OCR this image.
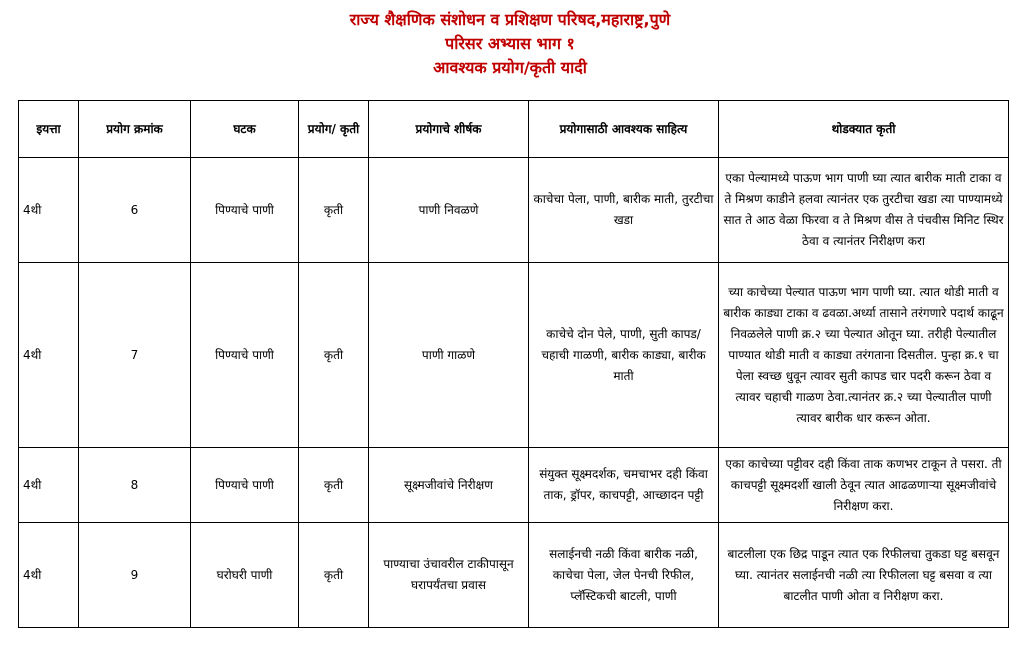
राज्य शैक्षणिक संशोधन व प्रशिक्षण परिषद,महाराष्ट्र,पुणे
परिसर अभ्यास भाग १
आवश्यक प्रयोग/कृती यादी
इयत्ता	प्रयोग क्रमांक	घटक	प्रयोग/ कृती	प्रयोगाचे शीर्षक	प्रयोगासाठी आवश्यक साहित्य	थोडक्यात कृती
4थी	6	पिण्याचे पाणी	कृती	पाणी निवळणे	काचेचा पेला, पाणी, बारीक माती, तुरटीचा खडा	एका पेल्यामध्ये पाऊण भाग पाणी घ्या त्यात बारीक माती टाका व ते मिश्रण काडीने हलवा त्यानंतर एक तुरटीचा खडा त्या पाण्यामध्ये सात ते आठ वेळा फिरवा व ते मिश्रण वीस ते पंचवीस मिनिट स्थिर ठेवा व त्यानंतर निरीक्षण करा
4थी	7	पिण्याचे पाणी	कृती	पाणी गाळणे	काचेचे दोन पेले, पाणी, सुती कापड/ चहाची गाळणी, बारीक काड्या, बारीक माती	च्या काचेच्या पेल्यात पाऊण भाग पाणी घ्या. त्यात थोडी माती व बारीक काड्या टाका व ढवळा.अर्ध्या तासाने तरंगणारे पदार्थ काढून निवळलेले पाणी क्र.२ च्या पेल्यात ओतून घ्या. तरीही पेल्यातील पाण्यात थोडी माती व काड्या तरंगताना दिसतील. पुन्हा क्र.१ चा पेला स्वच्छ धुवून त्यावर सुती कापड चार पदरी करून ठेवा व त्यावर चहाची गाळण ठेवा.त्यानंतर क्र.२ च्या पेल्यातील पाणी त्यावर बारीक धार करून ओता.
4थी	8	पिण्याचे पाणी	कृती	सूक्ष्मजीवांचे निरीक्षण	संयुक्त सूक्ष्मदर्शक, चमचाभर दही किंवा ताक, ड्रॉपर, काचपट्टी, आच्छादन पट्टी	एका काचेच्या पट्टीवर दही किंवा ताक कणभर टाकून ते पसरा. ती काचपट्टी सूक्ष्मदर्शी खाली ठेवून त्यात आढळणाऱ्या सूक्ष्मजीवांचे निरीक्षण करा.
4थी	9	घरोघरी पाणी	कृती	पाण्याचा उंचावरील टाकीपासून घरापर्यंतचा प्रवास	सलाईनची नळी किंवा बारीक नळी, काचेचा पेला, जेल पेनची रिफील, प्लॅस्टिकची बाटली, पाणी	बाटलीला एक छिद्र पाडून त्यात एक रिफीलचा तुकडा घट्ट बसवून घ्या. त्यानंतर सलाईनची नळी त्या रिफीलला घट्ट बसवा व त्या बाटलीत पाणी ओता व निरीक्षण करा.
